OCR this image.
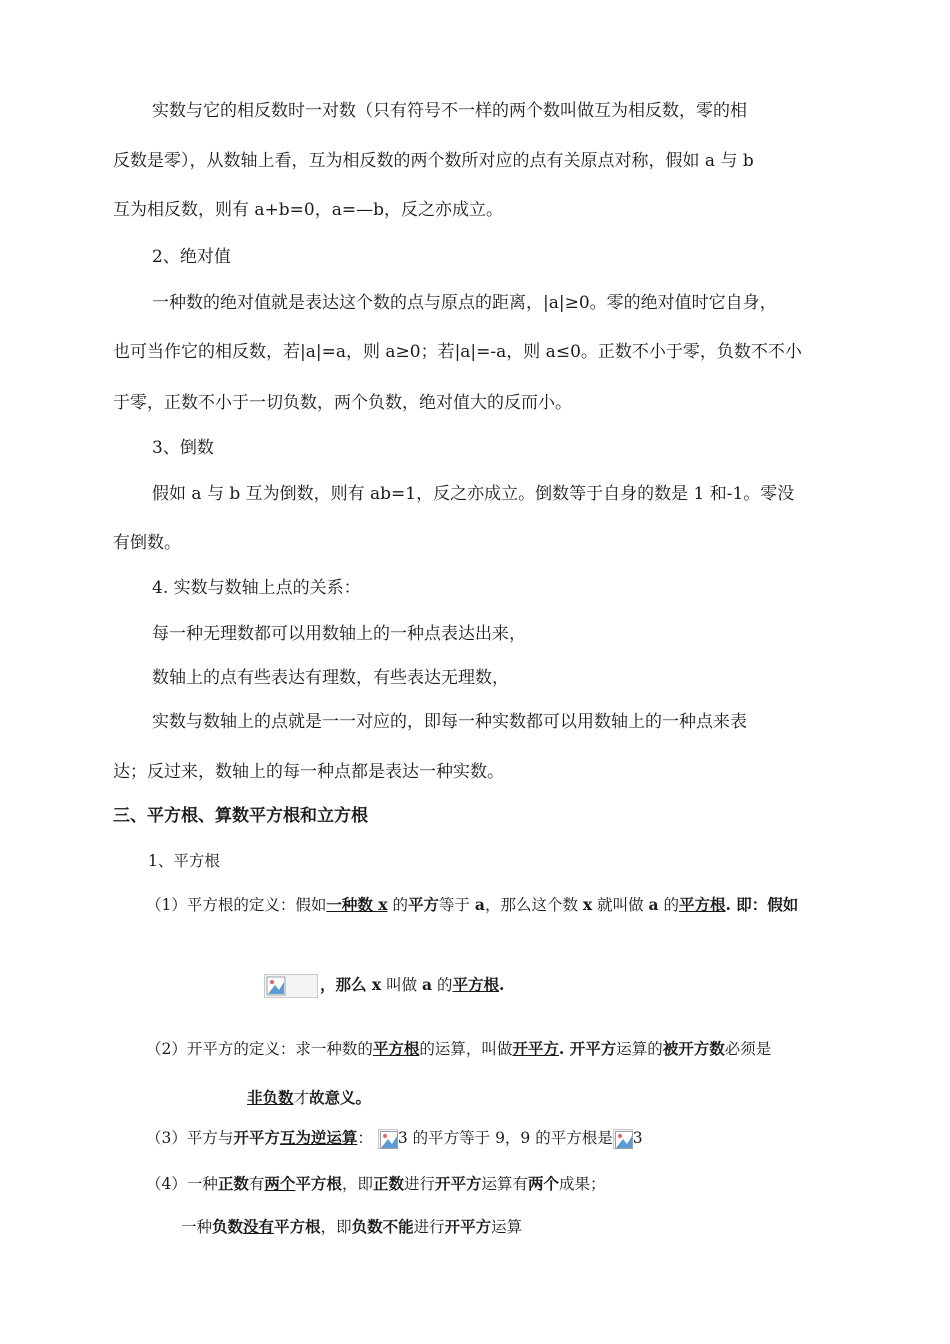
实数与它的相反数时一对数（只有符号不一样的两个数叫做互为相反数，零的相
反数是零），从数轴上看，互为相反数的两个数所对应的点有关原点对称，假如 a 与 b
互为相反数，则有 a+b=0，a=—b，反之亦成立。
2、绝对值
一种数的绝对值就是表达这个数的点与原点的距离，|a|≥0。零的绝对值时它自身，
也可当作它的相反数，若|a|=a，则 a≥0；若|a|=-a，则 a≤0。正数不小于零，负数不不小
于零，正数不小于一切负数，两个负数，绝对值大的反而小。
3、倒数
假如 a 与 b 互为倒数，则有 ab=1，反之亦成立。倒数等于自身的数是 1 和-1。零没
有倒数。
4. 实数与数轴上点的关系：
每一种无理数都可以用数轴上的一种点表达出来，
数轴上的点有些表达有理数，有些表达无理数，
实数与数轴上的点就是一一对应的，即每一种实数都可以用数轴上的一种点来表
达；反过来，数轴上的每一种点都是表达一种实数。
三、平方根、算数平方根和立方根
1、平方根
（1）平方根的定义：假如一种数 x 的平方等于 a，那么这个数 x 就叫做 a 的平方根. 即：假如
，那么 x 叫做 a 的平方根.
（2）开平方的定义：求一种数的平方根的运算，叫做开平方. 开平方运算的被开方数必须是
非负数才故意义。
（3）平方与开平方互为逆运算： 3 的平方等于 9，9 的平方根是 3
（4）一种正数有两个平方根，即正数进行开平方运算有两个成果；
一种负数没有平方根，即负数不能进行开平方运算
